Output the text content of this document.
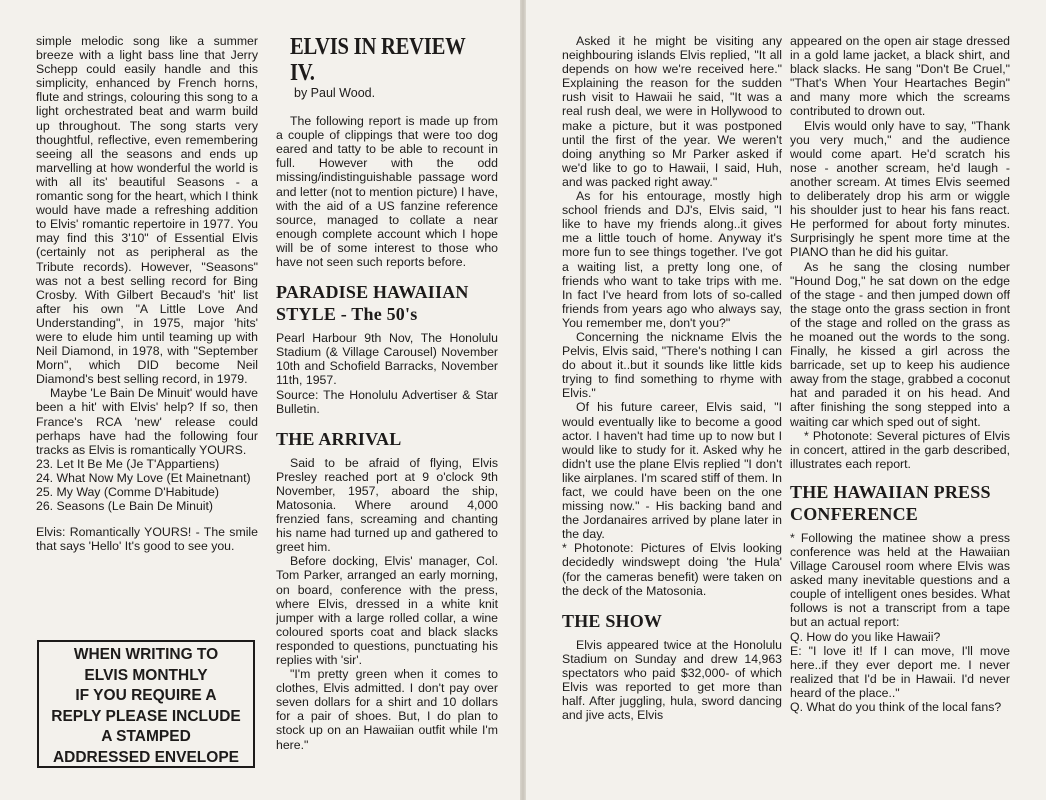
simple melodic song like a summer breeze with a light bass line that Jerry Schepp could easily handle and this simplicity, enhanced by French horns, flute and strings, colouring this song to a light orchestrated beat and warm build up throughout. The song starts very thoughtful, reflective, even remembering seeing all the seasons and ends up marvelling at how wonderful the world is with all its' beautiful Seasons - a romantic song for the heart, which I think would have made a refreshing addition to Elvis' romantic repertoire in 1977. You may find this 3'10" of Essential Elvis (certainly not as peripheral as the Tribute records). However, "Seasons" was not a best selling record for Bing Crosby. With Gilbert Becaud's 'hit' list after his own "A Little Love And Understanding", in 1975, major 'hits' were to elude him until teaming up with Neil Diamond, in 1978, with "September Morn", which DID become Neil Diamond's best selling record, in 1979.

Maybe 'Le Bain De Minuit' would have been a hit' with Elvis' help? If so, then France's RCA 'new' release could perhaps have had the following four tracks as Elvis is romantically YOURS.

23. Let It Be Me (Je T'Appartiens)

24. What Now My Love (Et Mainetnant)

25. My Way (Comme D'Habitude)

26. Seasons (Le Bain De Minuit)

Elvis: Romantically YOURS! - The smile that says 'Hello' It's good to see you.

WHEN WRITING TO
ELVIS MONTHLY
IF YOU REQUIRE A
REPLY PLEASE INCLUDE
A STAMPED
ADDRESSED ENVELOPE
ELVIS IN REVIEW IV.
by Paul Wood.

The following report is made up from a couple of clippings that were too dog eared and tatty to be able to recount in full. However with the odd missing/indistinguishable passage word and letter (not to mention picture) I have, with the aid of a US fanzine reference source, managed to collate a near enough complete account which I hope will be of some interest to those who have not seen such reports before.

PARADISE HAWAIIAN STYLE - The 50's

Pearl Harbour 9th Nov, The Honolulu Stadium (& Village Carousel) November 10th and Schofield Barracks, November 11th, 1957.

Source: The Honolulu Advertiser & Star Bulletin.

THE ARRIVAL

Said to be afraid of flying, Elvis Presley reached port at 9 o'clock 9th November, 1957, aboard the ship, Matosonia. Where around 4,000 frenzied fans, screaming and chanting his name had turned up and gathered to greet him.

Before docking, Elvis' manager, Col. Tom Parker, arranged an early morning, on board, conference with the press, where Elvis, dressed in a white knit jumper with a large rolled collar, a wine coloured sports coat and black slacks responded to questions, punctuating his replies with 'sir'.

"I'm pretty green when it comes to clothes, Elvis admitted. I don't pay over seven dollars for a shirt and 10 dollars for a pair of shoes. But, I do plan to stock up on an Hawaiian outfit while I'm here."

Asked it he might be visiting any neighbouring islands Elvis replied, "It all depends on how we're received here." Explaining the reason for the sudden rush visit to Hawaii he said, "It was a real rush deal, we were in Hollywood to make a picture, but it was postponed until the first of the year. We weren't doing anything so Mr Parker asked if we'd like to go to Hawaii, I said, Huh, and was packed right away."

As for his entourage, mostly high school friends and DJ's, Elvis said, "I like to have my friends along..it gives me a little touch of home. Anyway it's more fun to see things together. I've got a waiting list, a pretty long one, of friends who want to take trips with me. In fact I've heard from lots of so-called friends from years ago who always say, You remember me, don't you?"

Concerning the nickname Elvis the Pelvis, Elvis said, "There's nothing I can do about it..but it sounds like little kids trying to find something to rhyme with Elvis."

Of his future career, Elvis said, "I would eventually like to become a good actor. I haven't had time up to now but I would like to study for it. Asked why he didn't use the plane Elvis replied "I don't like airplanes. I'm scared stiff of them. In fact, we could have been on the one missing now." - His backing band and the Jordanaires arrived by plane later in the day.

* Photonote: Pictures of Elvis looking decidedly windswept doing 'the Hula' (for the cameras benefit) were taken on the deck of the Matosonia.

THE SHOW

Elvis appeared twice at the Honolulu Stadium on Sunday and drew 14,963 spectators who paid $32,000- of which Elvis was reported to get more than half. After juggling, hula, sword dancing and jive acts, Elvis

appeared on the open air stage dressed in a gold lame jacket, a black shirt, and black slacks. He sang "Don't Be Cruel," "That's When Your Heartaches Begin" and many more which the screams contributed to drown out.

Elvis would only have to say, "Thank you very much," and the audience would come apart. He'd scratch his nose - another scream, he'd laugh - another scream. At times Elvis seemed to deliberately drop his arm or wiggle his shoulder just to hear his fans react. He performed for about forty minutes. Surprisingly he spent more time at the PIANO than he did his guitar.

As he sang the closing number "Hound Dog," he sat down on the edge of the stage - and then jumped down off the stage onto the grass section in front of the stage and rolled on the grass as he moaned out the words to the song. Finally, he kissed a girl across the barricade, set up to keep his audience away from the stage, grabbed a coconut hat and paraded it on his head. And after finishing the song stepped into a waiting car which sped out of sight.

* Photonote: Several pictures of Elvis in concert, attired in the garb described, illustrates each report.

THE HAWAIIAN PRESS CONFERENCE

* Following the matinee show a press conference was held at the Hawaiian Village Carousel room where Elvis was asked many inevitable questions and a couple of intelligent ones besides. What follows is not a transcript from a tape but an actual report:

Q. How do you like Hawaii?

E: "I love it! If I can move, I'll move here..if they ever deport me. I never realized that I'd be in Hawaii. I'd never heard of the place.."

Q. What do you think of the local fans?
